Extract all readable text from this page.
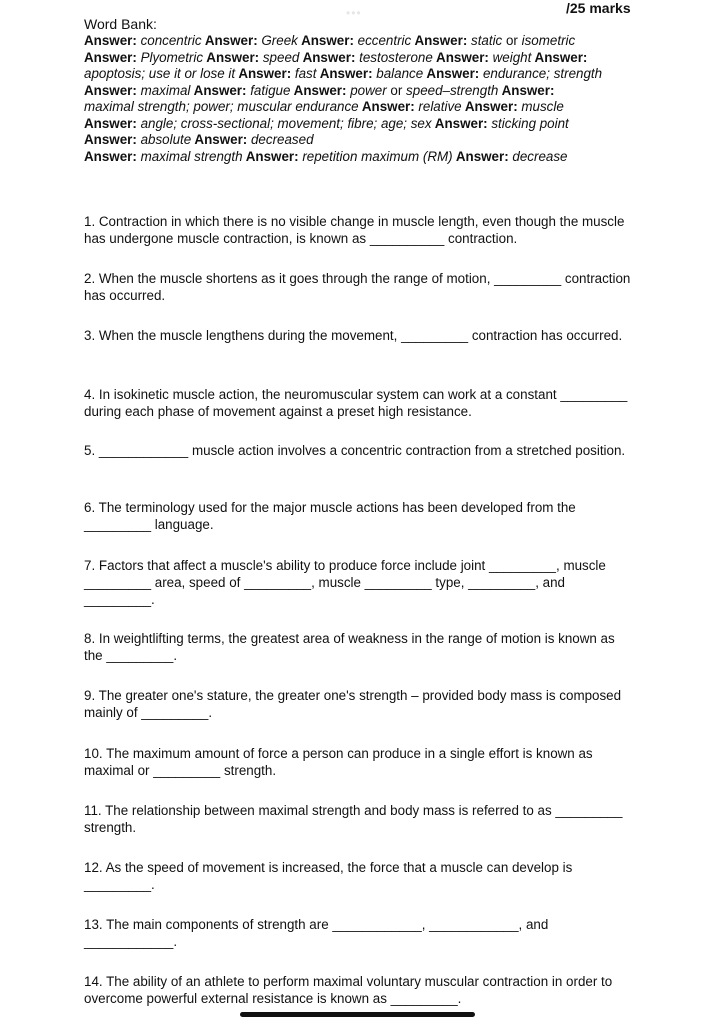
•••	/25 marks
Word Bank:
Answer: concentric Answer: Greek Answer: eccentric Answer: static or isometric
Answer: Plyometric Answer: speed Answer: testosterone Answer: weight Answer:
apoptosis; use it or lose it Answer: fast Answer: balance Answer: endurance; strength
Answer: maximal Answer: fatigue Answer: power or speed–strength Answer:
maximal strength; power; muscular endurance Answer: relative Answer: muscle
Answer: angle; cross-sectional; movement; fibre; age; sex Answer: sticking point
Answer: absolute Answer: decreased
Answer: maximal strength Answer: repetition maximum (RM) Answer: decrease
1. Contraction in which there is no visible change in muscle length, even though the muscle has undergone muscle contraction, is known as __________ contraction.
2. When the muscle shortens as it goes through the range of motion, _________ contraction has occurred.
3. When the muscle lengthens during the movement, _________ contraction has occurred.
4. In isokinetic muscle action, the neuromuscular system can work at a constant _________ during each phase of movement against a preset high resistance.
5. ____________ muscle action involves a concentric contraction from a stretched position.
6. The terminology used for the major muscle actions has been developed from the _________ language.
7. Factors that affect a muscle's ability to produce force include joint _________, muscle _________ area, speed of _________, muscle _________ type, _________, and _________.
8. In weightlifting terms, the greatest area of weakness in the range of motion is known as the _________.
9. The greater one's stature, the greater one's strength – provided body mass is composed mainly of _________.
10. The maximum amount of force a person can produce in a single effort is known as maximal or _________ strength.
11. The relationship between maximal strength and body mass is referred to as _________ strength.
12. As the speed of movement is increased, the force that a muscle can develop is _________.
13. The main components of strength are ____________, ____________, and ____________.
14. The ability of an athlete to perform maximal voluntary muscular contraction in order to overcome powerful external resistance is known as _________.
